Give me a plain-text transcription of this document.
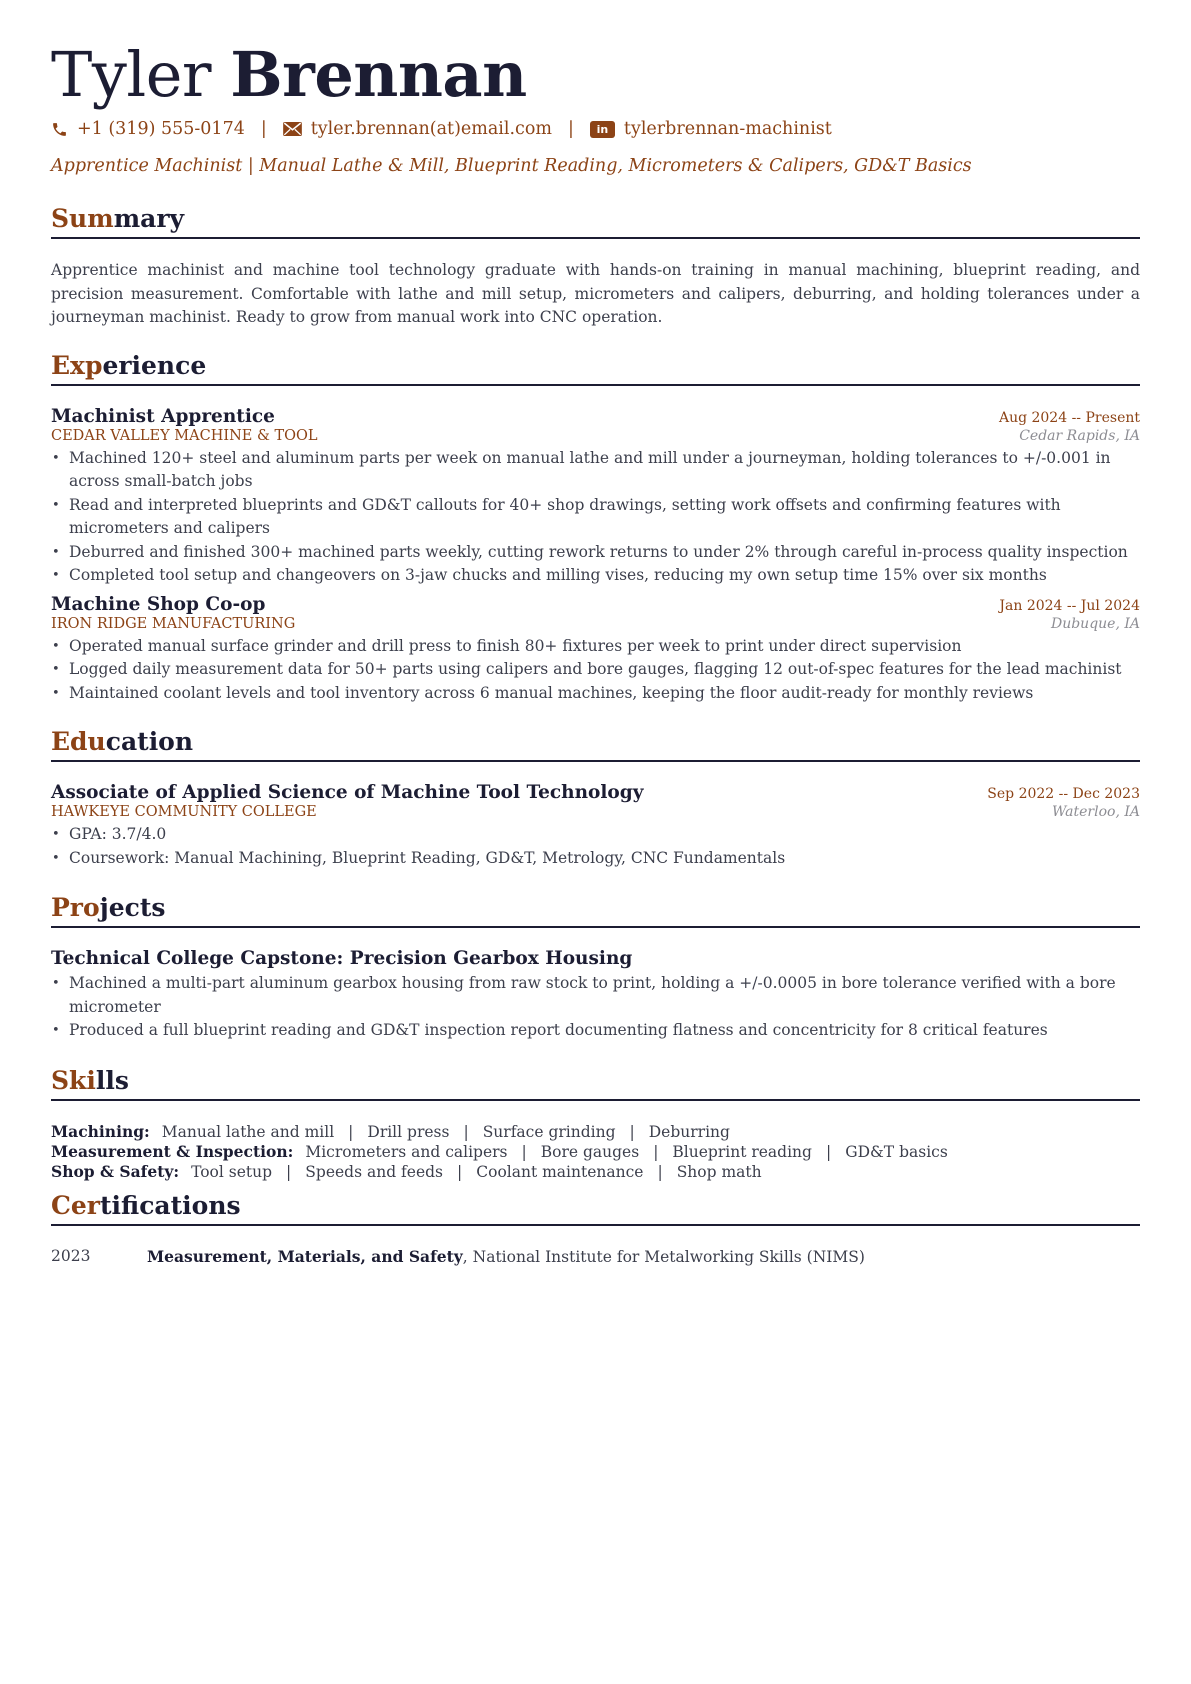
Tyler Brennan
+1 (319) 555-0174 |	tyler.brennan(at)email.com |	in tylerbrennan-machinist
Apprentice Machinist | Manual Lathe & Mill, Blueprint Reading, Micrometers & Calipers, GD&T Basics
Summary

Apprentice machinist and machine tool technology graduate with hands-on training in manual machining, blueprint reading, and precision measurement. Comfortable with lathe and mill setup, micrometers and calipers, deburring, and holding tolerances under a journeyman machinist. Ready to grow from manual work into CNC operation.

Experience
Machinist Apprentice	Aug 2024 -- Present
CEDAR VALLEY MACHINE & TOOL	Cedar Rapids, IA
• Machined 120+ steel and aluminum parts per week on manual lathe and mill under a journeyman, holding tolerances to +/-0.001 in across small-batch jobs
• Read and interpreted blueprints and GD&T callouts for 40+ shop drawings, setting work offsets and confirming features with micrometers and calipers
• Deburred and finished 300+ machined parts weekly, cutting rework returns to under 2% through careful in-process quality inspection
• Completed tool setup and changeovers on 3-jaw chucks and milling vises, reducing my own setup time 15% over six months
Machine Shop Co-op	Jan 2024 -- Jul 2024
IRON RIDGE MANUFACTURING	Dubuque, IA
• Operated manual surface grinder and drill press to finish 80+ fixtures per week to print under direct supervision
• Logged daily measurement data for 50+ parts using calipers and bore gauges, flagging 12 out-of-spec features for the lead machinist
• Maintained coolant levels and tool inventory across 6 manual machines, keeping the floor audit-ready for monthly reviews
Education
Associate of Applied Science of Machine Tool Technology	Sep 2022 -- Dec 2023
HAWKEYE COMMUNITY COLLEGE	Waterloo, IA
• GPA: 3.7/4.0
• Coursework: Manual Machining, Blueprint Reading, GD&T, Metrology, CNC Fundamentals
Projects
Technical College Capstone: Precision Gearbox Housing
• Machined a multi-part aluminum gearbox housing from raw stock to print, holding a +/-0.0005 in bore tolerance verified with a bore micrometer
• Produced a full blueprint reading and GD&T inspection report documenting flatness and concentricity for 8 critical features
Skills
Machining: Manual lathe and mill | Drill press | Surface grinding | Deburring
Measurement & Inspection: Micrometers and calipers | Bore gauges | Blueprint reading | GD&T basics
Shop & Safety: Tool setup | Speeds and feeds | Coolant maintenance | Shop math
Certifications
2023	Measurement, Materials, and Safety, National Institute for Metalworking Skills (NIMS)
